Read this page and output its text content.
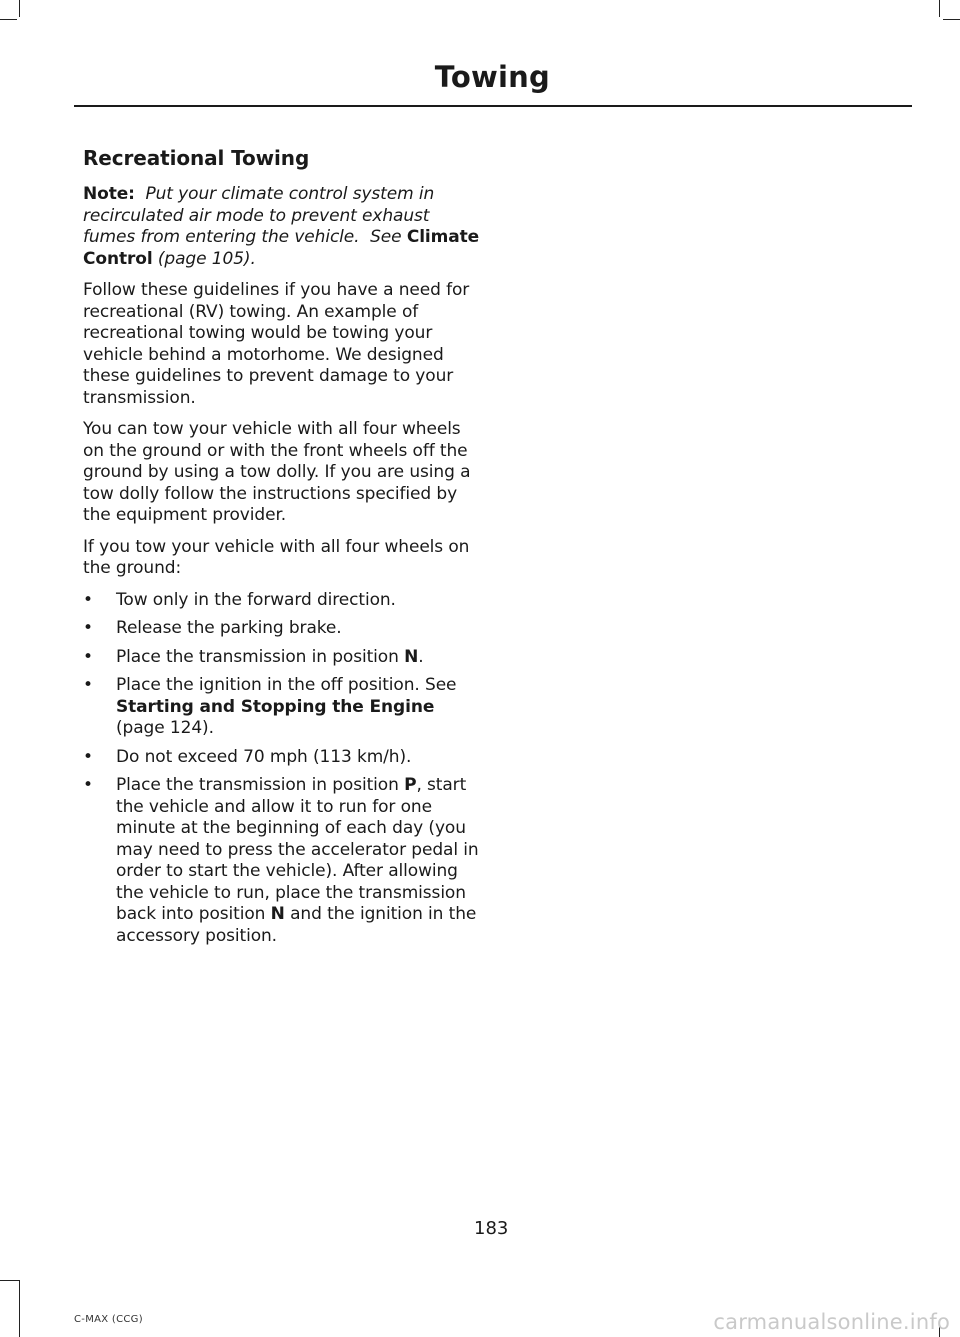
Towing
Recreational Towing

Note: Put your climate control system in recirculated air mode to prevent exhaust fumes from entering the vehicle. See Climate Control (page 105).

Follow these guidelines if you have a need for recreational (RV) towing. An example of recreational towing would be towing your vehicle behind a motorhome. We designed these guidelines to prevent damage to your transmission.

You can tow your vehicle with all four wheels on the ground or with the front wheels off the ground by using a tow dolly. If you are using a tow dolly follow the instructions specified by the equipment provider.

If you tow your vehicle with all four wheels on the ground:

• Tow only in the forward direction.
• Release the parking brake.
• Place the transmission in position N.
• Place the ignition in the off position. See Starting and Stopping the Engine (page 124).
• Do not exceed 70 mph (113 km/h).
• Place the transmission in position P, start the vehicle and allow it to run for one minute at the beginning of each day (you may need to press the accelerator pedal in order to start the vehicle). After allowing the vehicle to run, place the transmission back into position N and the ignition in the accessory position.
183
C-MAX (CCG)	carmanualsonline.info
